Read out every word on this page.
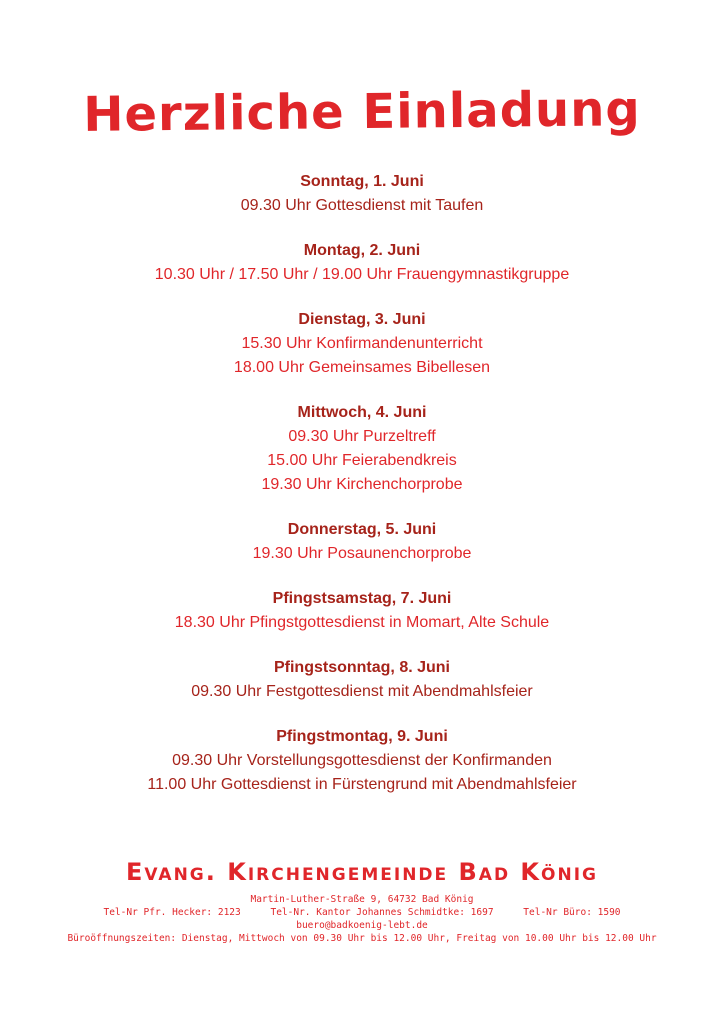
Herzliche Einladung
Sonntag, 1. Juni
09.30 Uhr Gottesdienst mit Taufen
Montag, 2. Juni
10.30 Uhr / 17.50 Uhr / 19.00 Uhr Frauengymnastikgruppe
Dienstag, 3. Juni
15.30 Uhr Konfirmandenunterricht
18.00 Uhr Gemeinsames Bibellesen
Mittwoch, 4. Juni
09.30 Uhr Purzeltreff
15.00 Uhr Feierabendkreis
19.30 Uhr Kirchenchorprobe
Donnerstag, 5. Juni
19.30 Uhr Posaunenchorprobe
Pfingstsamstag, 7. Juni
18.30 Uhr Pfingstgottesdienst in Momart, Alte Schule
Pfingstsonntag, 8. Juni
09.30 Uhr Festgottesdienst mit Abendmahlsfeier
Pfingstmontag, 9. Juni
09.30 Uhr Vorstellungsgottesdienst der Konfirmanden
11.00 Uhr Gottesdienst in Fürstengrund mit Abendmahlsfeier
Evang. Kirchengemeinde Bad König
Martin-Luther-Straße 9, 64732 Bad König
Tel-Nr Pfr. Hecker: 2123	Tel-Nr. Kantor Johannes Schmidtke: 1697	Tel-Nr Büro: 1590
buero@badkoenig-lebt.de
Büroöffnungszeiten: Dienstag, Mittwoch von 09.30 Uhr bis 12.00 Uhr, Freitag von 10.00 Uhr bis 12.00 Uhr
